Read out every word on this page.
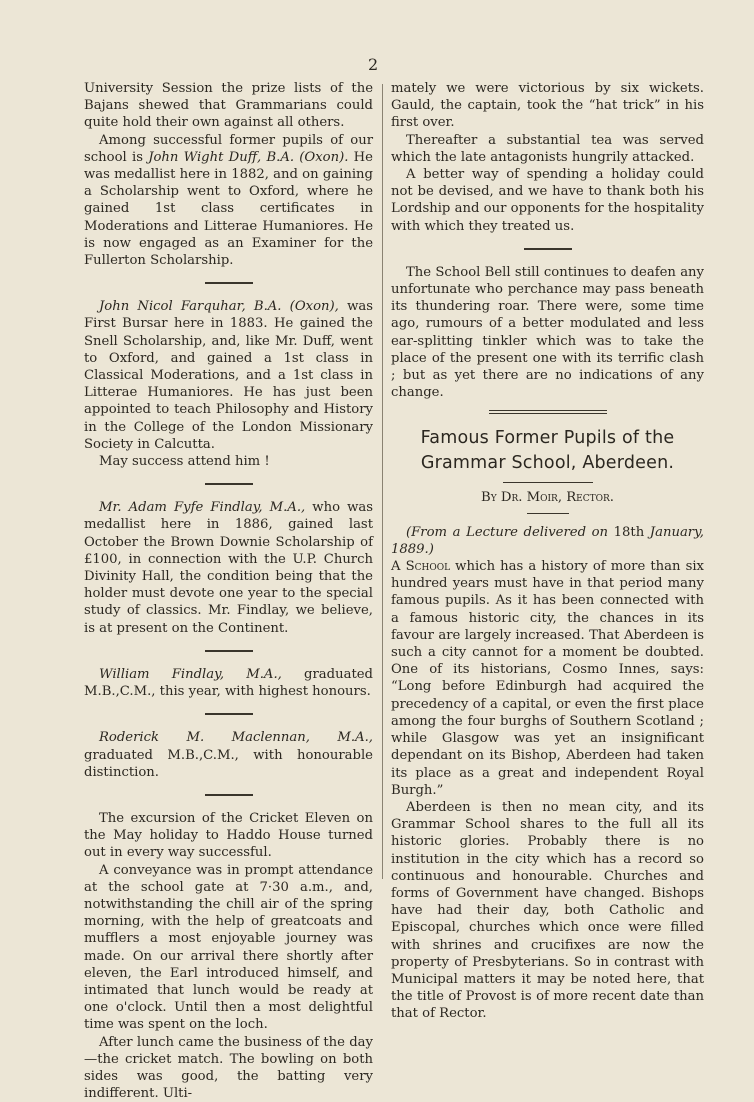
2

University Session the prize lists of the Bajans shewed that Grammarians could quite hold their own against all others.

Among successful former pupils of our school is John Wight Duff, B.A. (Oxon). He was medallist here in 1882, and on gaining a Scholarship went to Oxford, where he gained 1st class certificates in Moderations and Litterae Humaniores. He is now engaged as an Examiner for the Fullerton Scholarship.

John Nicol Farquhar, B.A. (Oxon), was First Bursar here in 1883. He gained the Snell Scholarship, and, like Mr. Duff, went to Oxford, and gained a 1st class in Classical Moderations, and a 1st class in Litterae Humaniores. He has just been appointed to teach Philosophy and History in the College of the London Missionary Society in Calcutta.

May success attend him !

Mr. Adam Fyfe Findlay, M.A., who was medallist here in 1886, gained last October the Brown Downie Scholarship of £100, in connection with the U.P. Church Divinity Hall, the condition being that the holder must devote one year to the special study of classics. Mr. Findlay, we believe, is at present on the Continent.

William Findlay, M.A., graduated M.B.,C.M., this year, with highest honours.

Roderick M. Maclennan, M.A., graduated M.B.,C.M., with honourable distinction.

The excursion of the Cricket Eleven on the May holiday to Haddo House turned out in every way successful.

A conveyance was in prompt attendance at the school gate at 7·30 a.m., and, notwithstanding the chill air of the spring morning, with the help of greatcoats and mufflers a most enjoyable journey was made. On our arrival there shortly after eleven, the Earl introduced himself, and intimated that lunch would be ready at one o'clock. Until then a most delightful time was spent on the loch.

After lunch came the business of the day—the cricket match. The bowling on both sides was good, the batting very indifferent. Ulti-

mately we were victorious by six wickets. Gauld, the captain, took the “hat trick” in his first over.

Thereafter a substantial tea was served which the late antagonists hungrily attacked.

A better way of spending a holiday could not be devised, and we have to thank both his Lordship and our opponents for the hospitality with which they treated us.

The School Bell still continues to deafen any unfortunate who perchance may pass beneath its thundering roar. There were, some time ago, rumours of a better modulated and less ear-splitting tinkler which was to take the place of the present one with its terrific clash ; but as yet there are no indications of any change.

Famous Former Pupils of the
Grammar School, Aberdeen.
By Dr. Moir, Rector.

(From a Lecture delivered on 18th January, 1889.)

A School which has a history of more than six hundred years must have in that period many famous pupils. As it has been connected with a famous historic city, the chances in its favour are largely increased. That Aberdeen is such a city cannot for a moment be doubted. One of its historians, Cosmo Innes, says: “Long before Edinburgh had acquired the precedency of a capital, or even the first place among the four burghs of Southern Scotland ; while Glasgow was yet an insignificant dependant on its Bishop, Aberdeen had taken its place as a great and independent Royal Burgh.”

Aberdeen is then no mean city, and its Grammar School shares to the full all its historic glories. Probably there is no institution in the city which has a record so continuous and honourable. Churches and forms of Government have changed. Bishops have had their day, both Catholic and Episcopal, churches which once were filled with shrines and crucifixes are now the property of Presbyterians. So in contrast with Municipal matters it may be noted here, that the title of Provost is of more recent date than that of Rector.
